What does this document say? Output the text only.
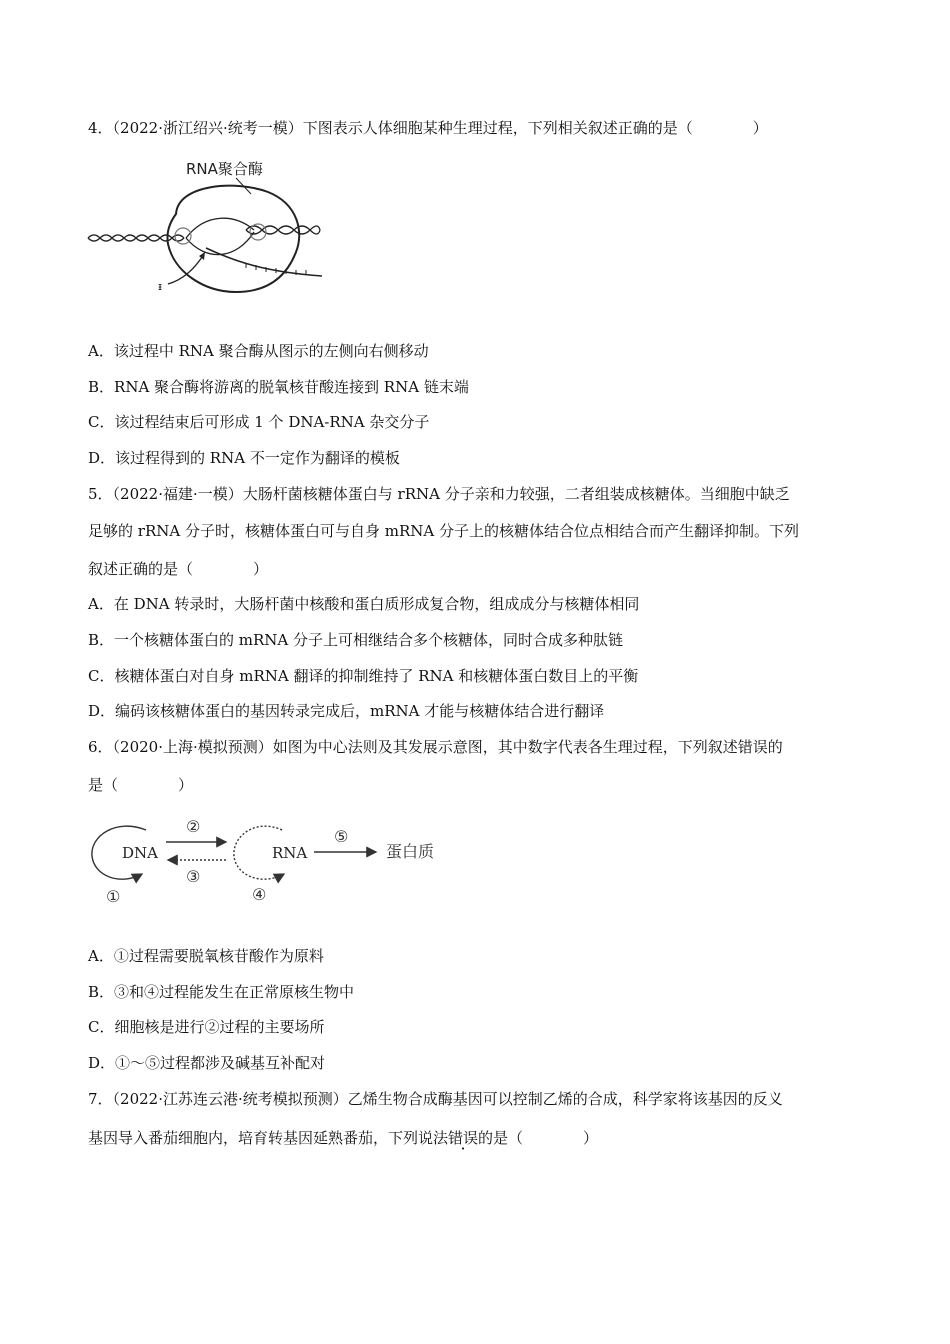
4．（2022·浙江绍兴·统考一模）下图表示人体细胞某种生理过程，下列相关叙述正确的是（　　　　）
RNA聚合酶
ᵻ
A．该过程中 RNA 聚合酶从图示的左侧向右侧移动
B．RNA 聚合酶将游离的脱氧核苷酸连接到 RNA 链末端
C．该过程结束后可形成 1 个 DNA-RNA 杂交分子
D．该过程得到的 RNA 不一定作为翻译的模板
5．（2022·福建·一模）大肠杆菌核糖体蛋白与 rRNA 分子亲和力较强，二者组装成核糖体。当细胞中缺乏
足够的 rRNA 分子时，核糖体蛋白可与自身 mRNA 分子上的核糖体结合位点相结合而产生翻译抑制。下列
叙述正确的是（　　　　）
A．在 DNA 转录时，大肠杆菌中核酸和蛋白质形成复合物，组成成分与核糖体相同
B．一个核糖体蛋白的 mRNA 分子上可相继结合多个核糖体，同时合成多种肽链
C．核糖体蛋白对自身 mRNA 翻译的抑制维持了 RNA 和核糖体蛋白数目上的平衡
D．编码该核糖体蛋白的基因转录完成后，mRNA 才能与核糖体结合进行翻译
6．（2020·上海·模拟预测）如图为中心法则及其发展示意图，其中数字代表各生理过程，下列叙述错误的
是（　　　　）
DNA
①
②
③
RNA
④
⑤
蛋白质
A．①过程需要脱氧核苷酸作为原料
B．③和④过程能发生在正常原核生物中
C．细胞核是进行②过程的主要场所
D．①～⑤过程都涉及碱基互补配对
7．（2022·江苏连云港·统考模拟预测）乙烯生物合成酶基因可以控制乙烯的合成，科学家将该基因的反义
基因导入番茄细胞内，培育转基因延熟番茄，下列说法错误的是（　　　　）
